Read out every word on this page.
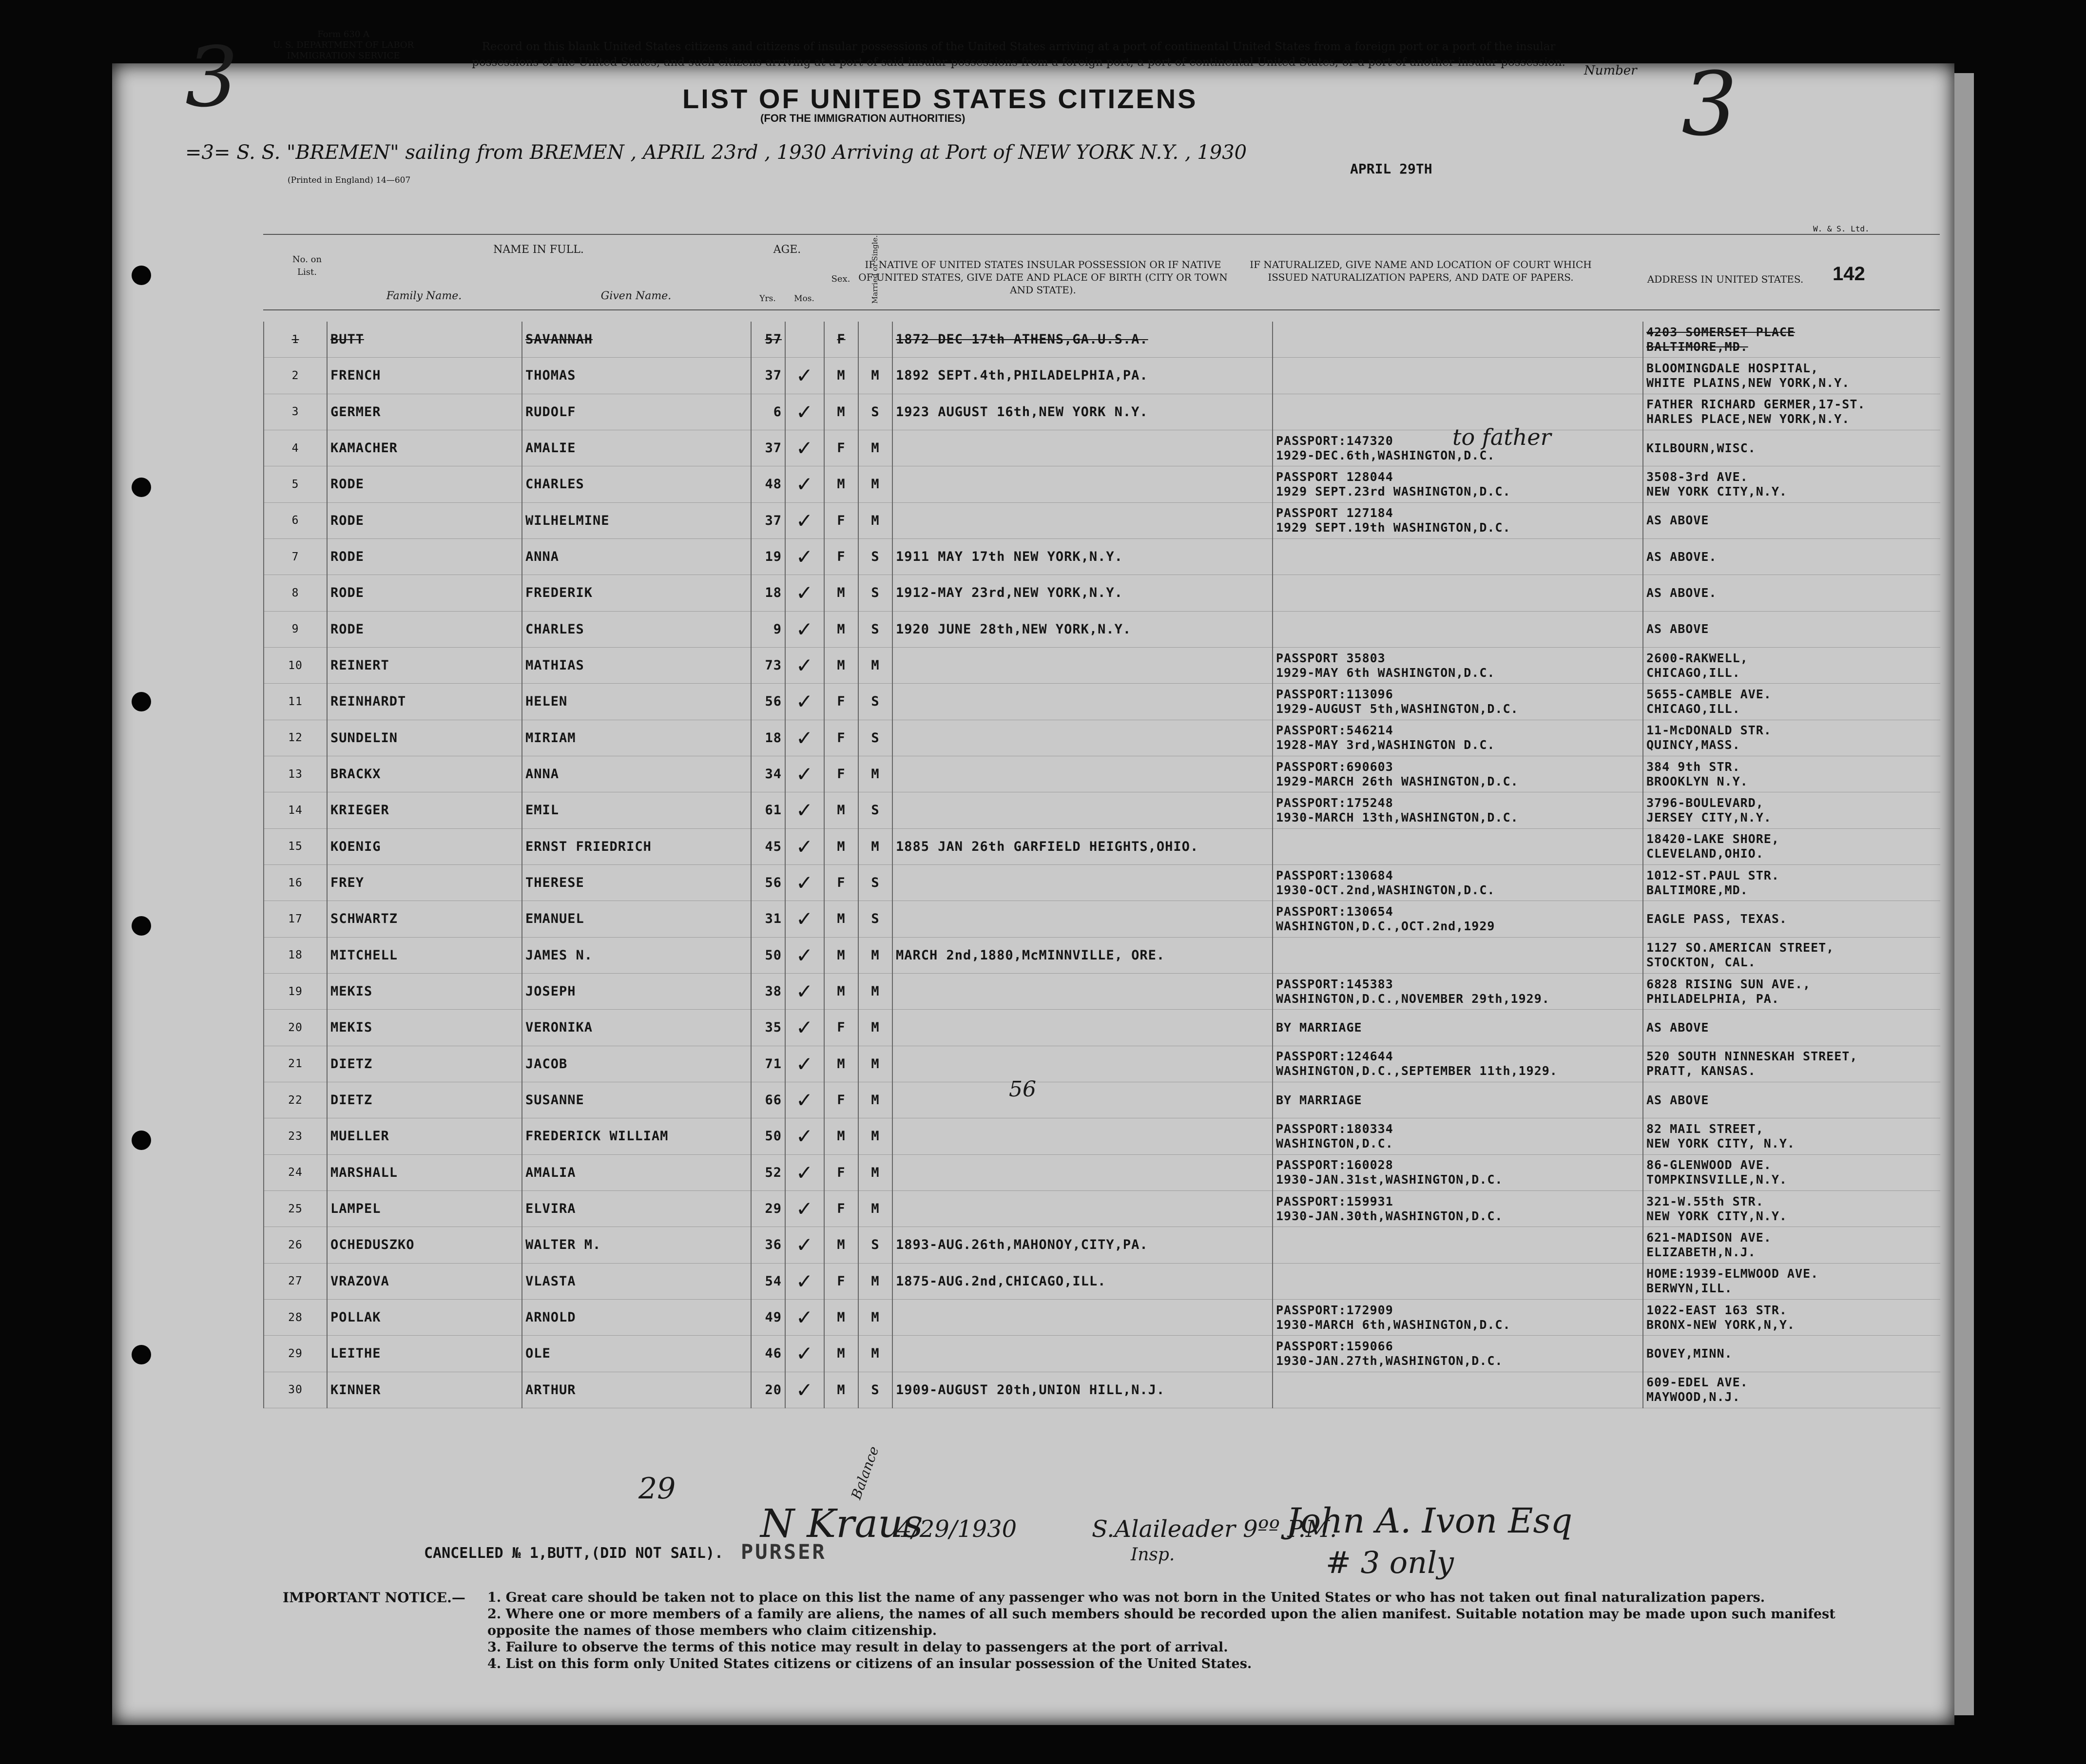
3	Form 630 A
U. S. DEPARTMENT OF LABOR
IMMIGRATION SERVICE
(Printed in England) 14—607
Record on this blank United States citizens and citizens of insular possessions of the United States arriving at a port of continental United States from a foreign port or a port of the insular possessions of the United States, and such citizens arriving at a port of said insular possessions from a foreign port, a port of continental United States, or a port of another insular possession.
LIST OF UNITED STATES CITIZENS
(FOR THE IMMIGRATION AUTHORITIES)
Number 3
=3= S. S. "BREMEN" sailing from BREMEN , APRIL 23rd , 1930 Arriving at Port of NEW YORK N.Y. , 1930
APRIL 29TH
W. & S. Ltd.
No. on List.
NAME IN FULL.
Family Name.	Given Name.
AGE.
Yrs.	Mos.
Sex.	Married or Single.
IF NATIVE OF UNITED STATES INSULAR POSSESSION OR IF NATIVE OF UNITED STATES, GIVE DATE AND PLACE OF BIRTH (CITY OR TOWN AND STATE).
IF NATURALIZED, GIVE NAME AND LOCATION OF COURT WHICH ISSUED NATURALIZATION PAPERS, AND DATE OF PAPERS.	ADDRESS IN UNITED STATES.	142
1	BUTT	SAVANNAH	57		F		1872 DEC 17th ATHENS,GA.U.S.A.		4203 SOMERSET PLACE
BALTIMORE,MD.
2	FRENCH	THOMAS	37	✓	M	M	1892 SEPT.4th,PHILADELPHIA,PA.		BLOOMINGDALE HOSPITAL,
WHITE PLAINS,NEW YORK,N.Y.
3	GERMER	RUDOLF	6	✓	M	S	1923 AUGUST 16th,NEW YORK N.Y.		FATHER RICHARD GERMER,17-ST.
HARLES PLACE,NEW YORK,N.Y.
4	KAMACHER	AMALIE	37	✓	F	M		PASSPORT:147320
1929-DEC.6th,WASHINGTON,D.C.	KILBOURN,WISC.
5	RODE	CHARLES	48	✓	M	M		PASSPORT 128044
1929 SEPT.23rd WASHINGTON,D.C.	3508-3rd AVE.
NEW YORK CITY,N.Y.
6	RODE	WILHELMINE	37	✓	F	M		PASSPORT 127184
1929 SEPT.19th WASHINGTON,D.C.	AS ABOVE
7	RODE	ANNA	19	✓	F	S	1911 MAY 17th NEW YORK,N.Y.		AS ABOVE.
8	RODE	FREDERIK	18	✓	M	S	1912-MAY 23rd,NEW YORK,N.Y.		AS ABOVE.
9	RODE	CHARLES	9	✓	M	S	1920 JUNE 28th,NEW YORK,N.Y.		AS ABOVE
10	REINERT	MATHIAS	73	✓	M	M		PASSPORT 35803
1929-MAY 6th WASHINGTON,D.C.	2600-RAKWELL,
CHICAGO,ILL.
11	REINHARDT	HELEN	56	✓	F	S		PASSPORT:113096
1929-AUGUST 5th,WASHINGTON,D.C.	5655-CAMBLE AVE.
CHICAGO,ILL.
12	SUNDELIN	MIRIAM	18	✓	F	S		PASSPORT:546214
1928-MAY 3rd,WASHINGTON D.C.	11-McDONALD STR.
QUINCY,MASS.
13	BRACKX	ANNA	34	✓	F	M		PASSPORT:690603
1929-MARCH 26th WASHINGTON,D.C.	384 9th STR.
BROOKLYN N.Y.
14	KRIEGER	EMIL	61	✓	M	S		PASSPORT:175248
1930-MARCH 13th,WASHINGTON,D.C.	3796-BOULEVARD,
JERSEY CITY,N.Y.
15	KOENIG	ERNST FRIEDRICH	45	✓	M	M	1885 JAN 26th GARFIELD HEIGHTS,OHIO.		18420-LAKE SHORE,
CLEVELAND,OHIO.
16	FREY	THERESE	56	✓	F	S		PASSPORT:130684
1930-OCT.2nd,WASHINGTON,D.C.	1012-ST.PAUL STR.
BALTIMORE,MD.
17	SCHWARTZ	EMANUEL	31	✓	M	S		PASSPORT:130654
WASHINGTON,D.C.,OCT.2nd,1929	EAGLE PASS, TEXAS.
18	MITCHELL	JAMES N.	50	✓	M	M	MARCH 2nd,1880,McMINNVILLE, ORE.		1127 SO.AMERICAN STREET,
STOCKTON, CAL.
19	MEKIS	JOSEPH	38	✓	M	M		PASSPORT:145383
WASHINGTON,D.C.,NOVEMBER 29th,1929.	6828 RISING SUN AVE.,
PHILADELPHIA, PA.
20	MEKIS	VERONIKA	35	✓	F	M		BY MARRIAGE	AS ABOVE
21	DIETZ	JACOB	71	✓	M	M		PASSPORT:124644
WASHINGTON,D.C.,SEPTEMBER 11th,1929.	520 SOUTH NINNESKAH STREET,
PRATT, KANSAS.
22	DIETZ	SUSANNE	66	✓	F	M		BY MARRIAGE	AS ABOVE
23	MUELLER	FREDERICK WILLIAM	50	✓	M	M		PASSPORT:180334
WASHINGTON,D.C.	82 MAIL STREET,
NEW YORK CITY, N.Y.
24	MARSHALL	AMALIA	52	✓	F	M		PASSPORT:160028
1930-JAN.31st,WASHINGTON,D.C.	86-GLENWOOD AVE.
TOMPKINSVILLE,N.Y.
25	LAMPEL	ELVIRA	29	✓	F	M		PASSPORT:159931
1930-JAN.30th,WASHINGTON,D.C.	321-W.55th STR.
NEW YORK CITY,N.Y.
26	OCHEDUSZKO	WALTER M.	36	✓	M	S	1893-AUG.26th,MAHONOY,CITY,PA.		621-MADISON AVE.
ELIZABETH,N.J.
27	VRAZOVA	VLASTA	54	✓	F	M	1875-AUG.2nd,CHICAGO,ILL.		HOME:1939-ELMWOOD AVE.
BERWYN,ILL.
28	POLLAK	ARNOLD	49	✓	M	M		PASSPORT:172909
1930-MARCH 6th,WASHINGTON,D.C.	1022-EAST 163 STR.
BRONX-NEW YORK,N,Y.
29	LEITHE	OLE	46	✓	M	M		PASSPORT:159066
1930-JAN.27th,WASHINGTON,D.C.	BOVEY,MINN.
30	KINNER	ARTHUR	20	✓	M	S	1909-AUGUST 20th,UNION HILL,N.J.		609-EDEL AVE.
MAYWOOD,N.J.
to father
56
29
CANCELLED № 1,BUTT,(DID NOT SAIL).
N Kraus
Balance
PURSER
4/29/1930	S.Alaileader 9ºº P.M.
Insp.
John A. Ivon Esq
# 3 only
IMPORTANT NOTICE.— 1. Great care should be taken not to place on this list the name of any passenger who was not born in the United States or who has not taken out final naturalization papers.
2. Where one or more members of a family are aliens, the names of all such members should be recorded upon the alien manifest. Suitable notation may be made upon such manifest opposite the names of those members who claim citizenship.
3. Failure to observe the terms of this notice may result in delay to passengers at the port of arrival.
4. List on this form only United States citizens or citizens of an insular possession of the United States.
